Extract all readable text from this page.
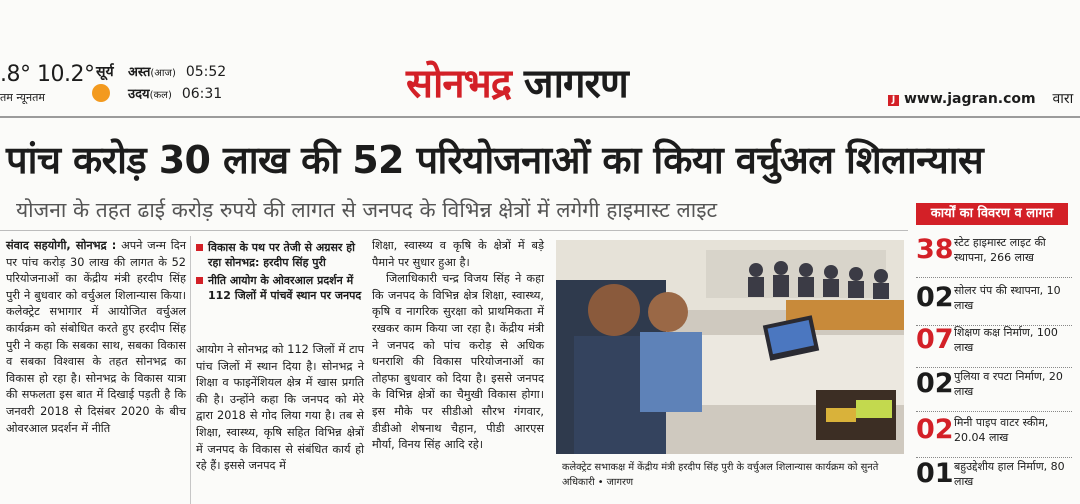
.8° 10.2°
तम न्यूनतम
सूर्य अस्त(आज) 05:52
उदय(कल) 06:31	सोनभद्र जागरण	J www.jagran.com वारा
पांच करोड़ 30 लाख की 52 परियोजनाओं का किया वर्चुअल शिलान्यास
योजना के तहत ढाई करोड़ रुपये की लागत से जनपद के विभिन्न क्षेत्रों में लगेगी हाइमास्ट लाइट

संवाद सहयोगी, सोनभद्र : अपने जन्म दिन पर पांच करोड़ 30 लाख की लागत के 52 परियोजनाओं का केंद्रीय मंत्री हरदीप सिंह पुरी ने बुधवार को वर्चुअल शिलान्यास किया। कलेक्ट्रेट सभागार में आयोजित वर्चुअल कार्यक्रम को संबोधित करते हुए हरदीप सिंह पुरी ने कहा कि सबका साथ, सबका विकास व सबका विश्वास के तहत सोनभद्र का विकास हो रहा है। सोनभद्र के विकास यात्रा की सफलता इस बात में दिखाई पड़ती है कि जनवरी 2018 से दिसंबर 2020 के बीच ओवरआल प्रदर्शन में नीति

विकास के पथ पर तेजी से अग्रसर हो रहा सोनभद्र: हरदीप सिंह पुरी
नीति आयोग के ओवरआल प्रदर्शन में 112 जिलों में पांचवें स्थान पर जनपद

आयोग ने सोनभद्र को 112 जिलों में टाप पांच जिलों में स्थान दिया है। सोनभद्र ने शिक्षा व फाइनेंशियल क्षेत्र में खास प्रगति की है। उन्होंने कहा कि जनपद को मेरे द्वारा 2018 से गोद लिया गया है। तब से शिक्षा, स्वास्थ्य, कृषि सहित विभिन्न क्षेत्रों में जनपद के विकास से संबंधित कार्य हो रहे हैं। इससे जनपद में

शिक्षा, स्वास्थ्य व कृषि के क्षेत्रों में बड़े पैमाने पर सुधार हुआ है।

जिलाधिकारी चन्द्र विजय सिंह ने कहा कि जनपद के विभिन्न क्षेत्र शिक्षा, स्वास्थ्य, कृषि व नागरिक सुरक्षा को प्राथमिकता में रखकर काम किया जा रहा है। केंद्रीय मंत्री ने जनपद को पांच करोड़ से अधिक धनराशि की विकास परियोजनाओं का तोहफा बुधवार को दिया है। इससे जनपद के विभिन्न क्षेत्रों का चैमुखी विकास होगा। इस मौके पर सीडीओ सौरभ गंगवार, डीडीओ शेषनाथ चैहान, पीडी आरएस मौर्या, विनय सिंह आदि रहे।

कलेक्ट्रेट सभाकक्ष में केंद्रीय मंत्री हरदीप सिंह पुरी के वर्चुअल शिलान्यास कार्यक्रम को सुनते अधिकारी • जागरण
कार्यों का विवरण व लागत
38 स्टेट हाइमास्ट लाइट की स्थापना, 266 लाख
02 सोलर पंप की स्थापना, 10 लाख
07 शिक्षण कक्ष निर्माण, 100 लाख
02 पुलिया व रपटा निर्माण, 20 लाख
02 मिनी पाइप वाटर स्कीम, 20.04 लाख
01 बहुउद्देशीय हाल निर्माण, 80 लाख
